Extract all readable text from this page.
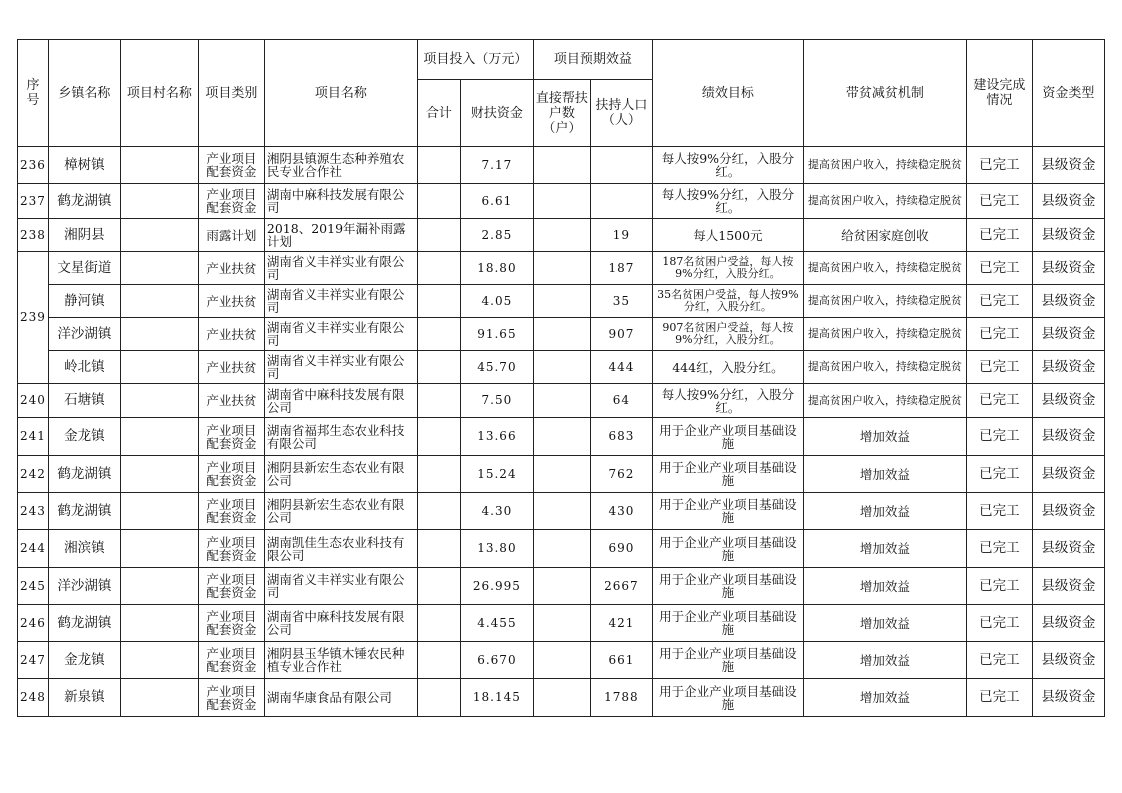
序号	乡镇名称	项目村名称	项目类别	项目名称	项目投入（万元）		项目预期效益		绩效目标	带贫减贫机制	建设完成情况	资金类型
					合计	财扶资金	直接帮扶户数（户）	扶持人口（人）				
236	樟树镇		产业项目配套资金	湘阴县镇源生态种养殖农民专业合作社		7.17			每人按9%分红，入股分红。	提高贫困户收入，持续稳定脱贫	已完工	县级资金
237	鹤龙湖镇		产业项目配套资金	湖南中麻科技发展有限公司		6.61			每人按9%分红，入股分红。	提高贫困户收入，持续稳定脱贫	已完工	县级资金
238	湘阴县		雨露计划	2018、2019年漏补雨露计划		2.85		19	每人1500元	给贫困家庭创收	已完工	县级资金
239	文星街道		产业扶贫	湖南省义丰祥实业有限公司		18.80		187	187名贫困户受益，每人按9%分红，入股分红。	提高贫困户收入，持续稳定脱贫	已完工	县级资金
	静河镇		产业扶贫	湖南省义丰祥实业有限公司		4.05		35	35名贫困户受益，每人按9%分红，入股分红。	提高贫困户收入，持续稳定脱贫	已完工	县级资金
	洋沙湖镇		产业扶贫	湖南省义丰祥实业有限公司		91.65		907	907名贫困户受益，每人按9%分红，入股分红。	提高贫困户收入，持续稳定脱贫	已完工	县级资金
	岭北镇		产业扶贫	湖南省义丰祥实业有限公司		45.70		444	444红，入股分红。	提高贫困户收入，持续稳定脱贫	已完工	县级资金
240	石塘镇		产业扶贫	湖南省中麻科技发展有限公司		7.50		64	每人按9%分红，入股分红。	提高贫困户收入，持续稳定脱贫	已完工	县级资金
241	金龙镇		产业项目配套资金	湖南省福邦生态农业科技有限公司		13.66		683	用于企业产业项目基础设施	增加效益	已完工	县级资金
242	鹤龙湖镇		产业项目配套资金	湘阴县新宏生态农业有限公司		15.24		762	用于企业产业项目基础设施	增加效益	已完工	县级资金
243	鹤龙湖镇		产业项目配套资金	湘阴县新宏生态农业有限公司		4.30		430	用于企业产业项目基础设施	增加效益	已完工	县级资金
244	湘滨镇		产业项目配套资金	湖南凯佳生态农业科技有限公司		13.80		690	用于企业产业项目基础设施	增加效益	已完工	县级资金
245	洋沙湖镇		产业项目配套资金	湖南省义丰祥实业有限公司		26.995		2667	用于企业产业项目基础设施	增加效益	已完工	县级资金
246	鹤龙湖镇		产业项目配套资金	湖南省中麻科技发展有限公司		4.455		421	用于企业产业项目基础设施	增加效益	已完工	县级资金
247	金龙镇		产业项目配套资金	湘阴县玉华镇木锤农民种植专业合作社		6.670		661	用于企业产业项目基础设施	增加效益	已完工	县级资金
248	新泉镇		产业项目配套资金	湖南华康食品有限公司		18.145		1788	用于企业产业项目基础设施	增加效益	已完工	县级资金
